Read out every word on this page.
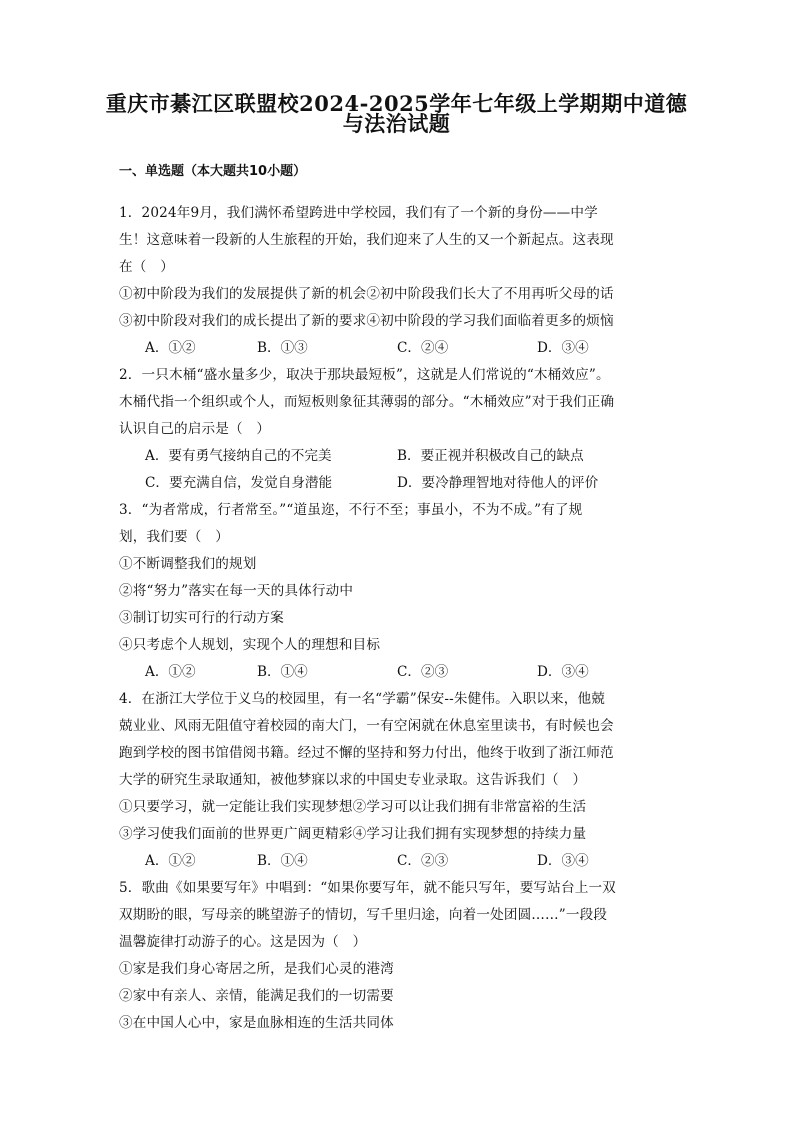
重庆市綦江区联盟校2024-2025学年七年级上学期期中道德
与法治试题
一、单选题（本大题共10小题）
1．2024年9月，我们满怀希望跨进中学校园，我们有了一个新的身份——中学
生！这意味着一段新的人生旅程的开始，我们迎来了人生的又一个新起点。这表现
在（　）
①初中阶段为我们的发展提供了新的机会②初中阶段我们长大了不用再听父母的话
③初中阶段对我们的成长提出了新的要求④初中阶段的学习我们面临着更多的烦恼
A．①②	B．①③	C．②④	D．③④
2．一只木桶“盛水量多少，取决于那块最短板”，这就是人们常说的“木桶效应”。
木桶代指一个组织或个人，而短板则象征其薄弱的部分。“木桶效应”对于我们正确
认识自己的启示是（　）
A．要有勇气接纳自己的不完美	B．要正视并积极改自己的缺点
C．要充满自信，发觉自身潜能	D．要冷静理智地对待他人的评价
3．“为者常成，行者常至。”“道虽迩，不行不至；事虽小，不为不成。”有了规
划，我们要（　）
①不断调整我们的规划
②将“努力”落实在每一天的具体行动中
③制订切实可行的行动方案
④只考虑个人规划，实现个人的理想和目标
A．①②	B．①④	C．②③	D．③④
4．在浙江大学位于义乌的校园里，有一名“学霸”保安--朱健伟。入职以来，他兢
兢业业、风雨无阻值守着校园的南大门，一有空闲就在休息室里读书，有时候也会
跑到学校的图书馆借阅书籍。经过不懈的坚持和努力付出，他终于收到了浙江师范
大学的研究生录取通知，被他梦寐以求的中国史专业录取。这告诉我们（　）
①只要学习，就一定能让我们实现梦想②学习可以让我们拥有非常富裕的生活
③学习使我们面前的世界更广阔更精彩④学习让我们拥有实现梦想的持续力量
A．①②	B．①④	C．②③	D．③④
5．歌曲《如果要写年》中唱到：“如果你要写年，就不能只写年，要写站台上一双
双期盼的眼，写母亲的眺望游子的情切，写千里归途，向着一处团圆……”一段段
温馨旋律打动游子的心。这是因为（　）
①家是我们身心寄居之所，是我们心灵的港湾
②家中有亲人、亲情，能满足我们的一切需要
③在中国人心中，家是血脉相连的生活共同体
